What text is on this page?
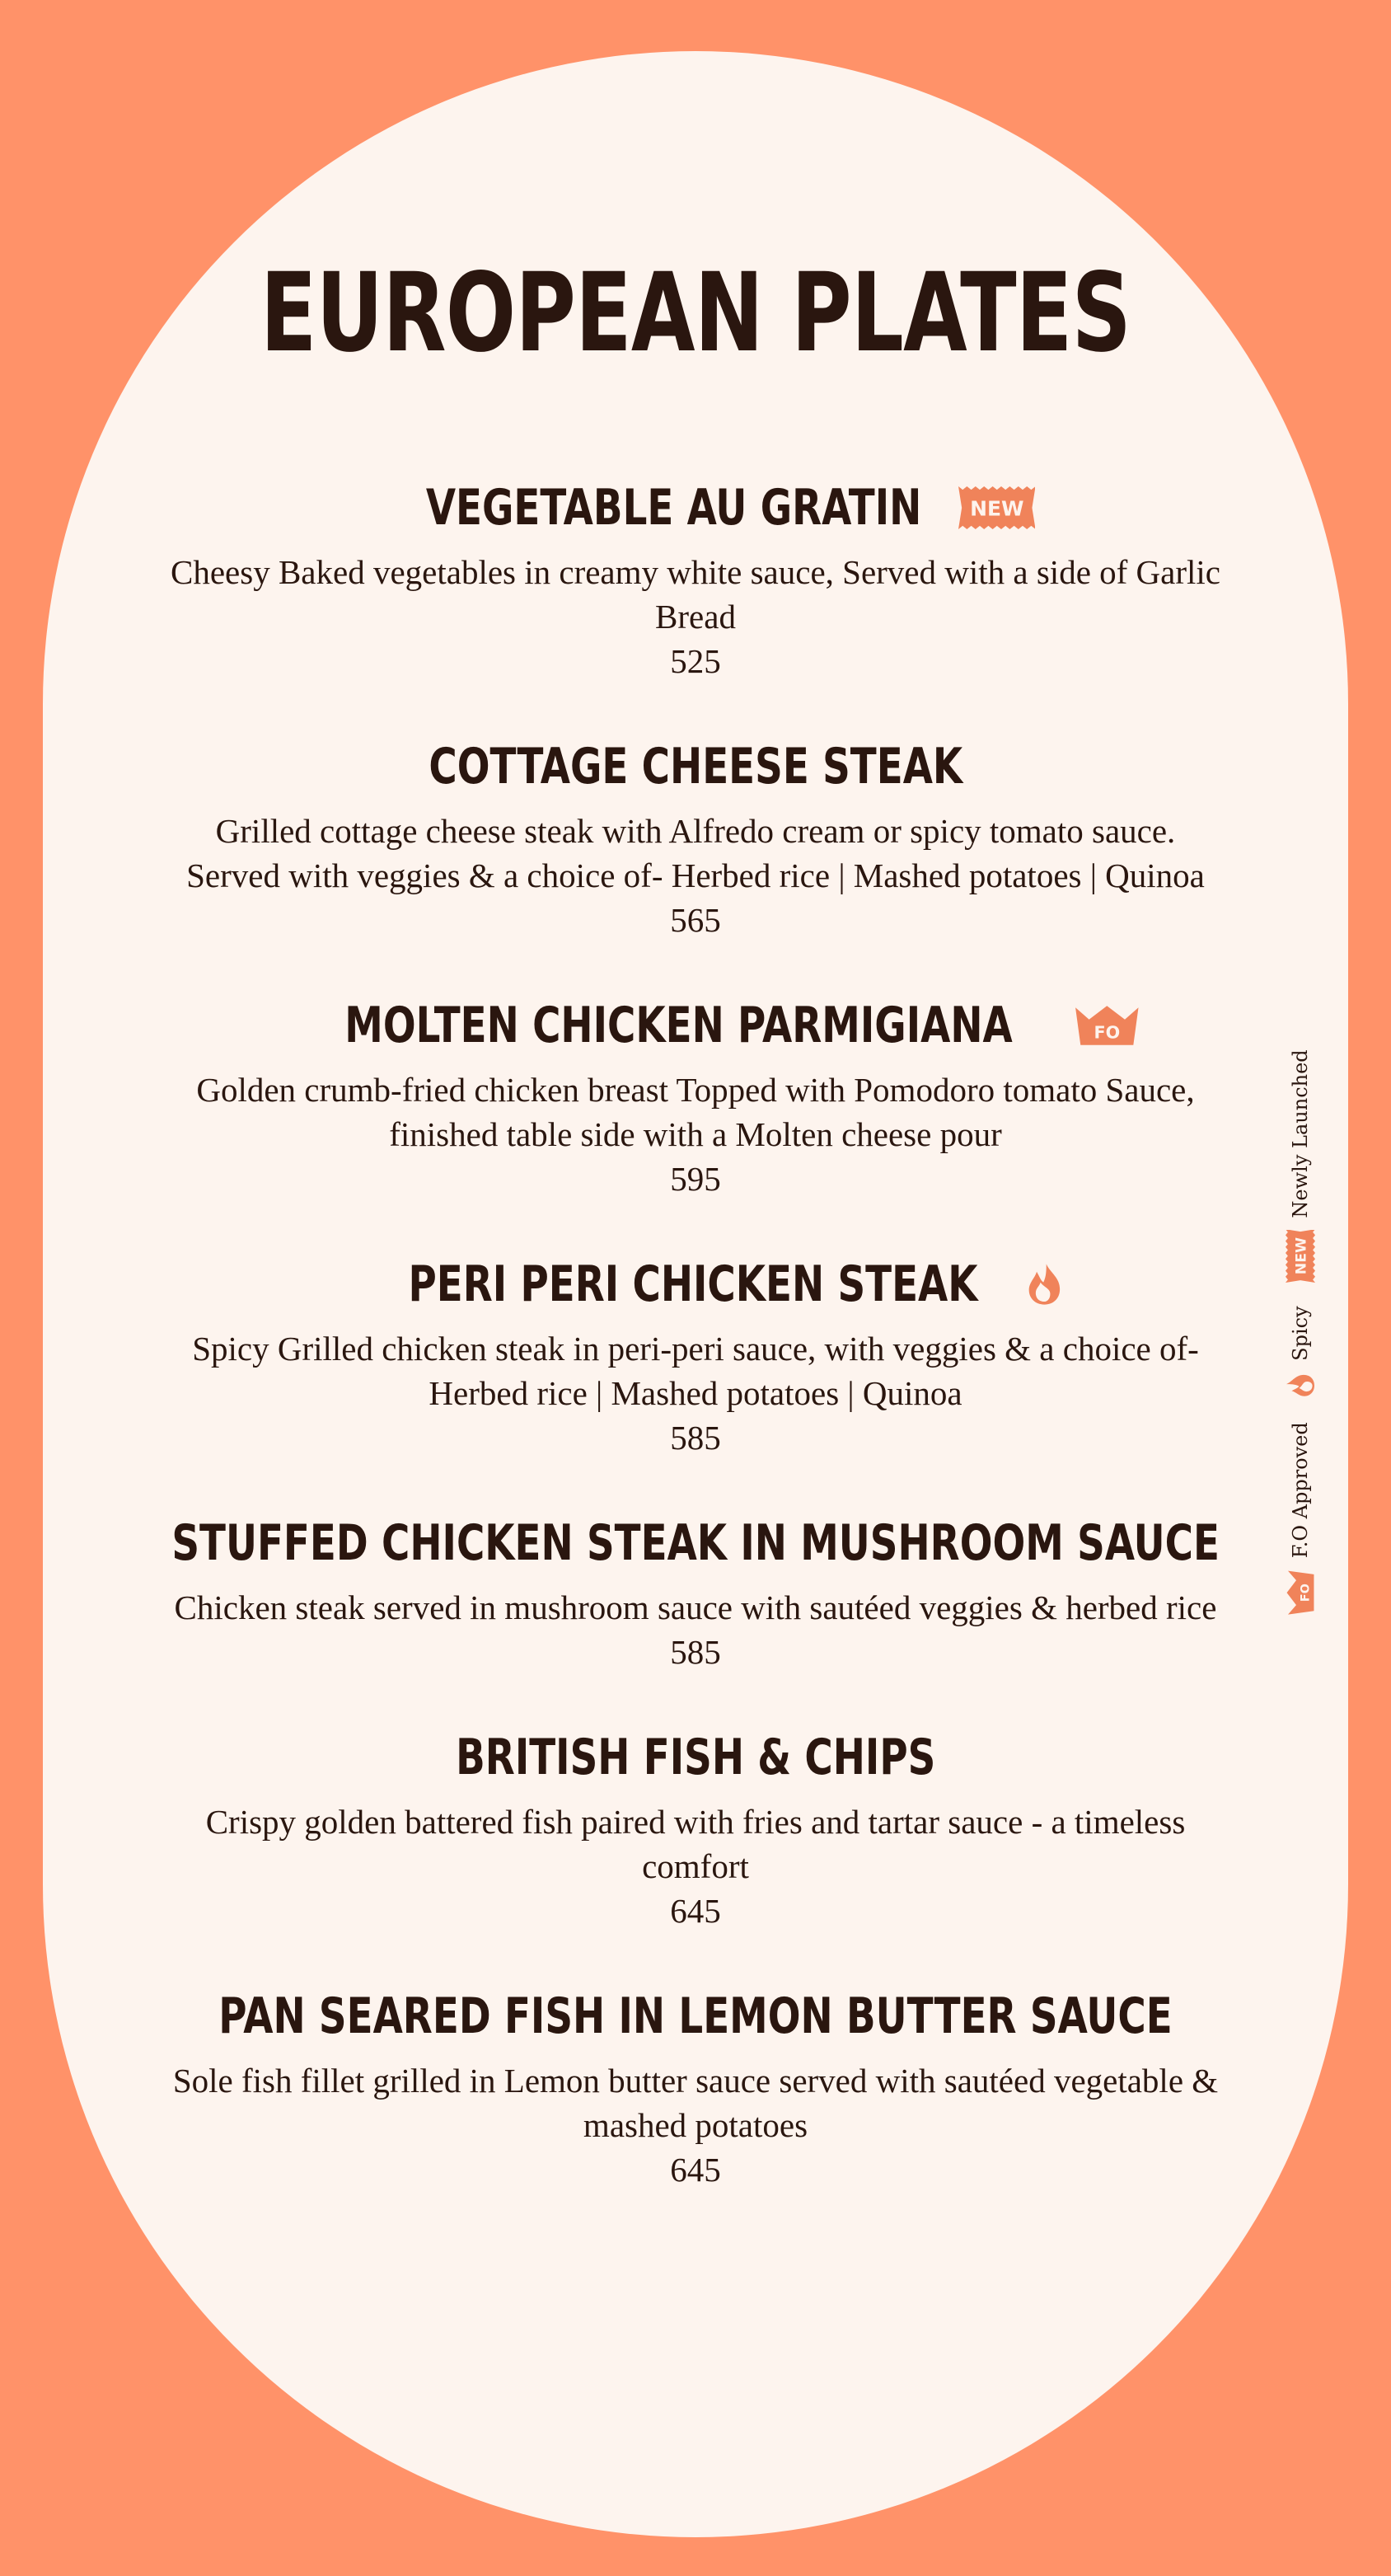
EUROPEAN PLATES
VEGETABLE AU GRATIN NEW
Cheesy Baked vegetables in creamy white sauce, Served with a side of Garlic Bread
525
COTTAGE CHEESE STEAK
Grilled cottage cheese steak with Alfredo cream or spicy tomato sauce. Served with veggies & a choice of- Herbed rice | Mashed potatoes | Quinoa
565
MOLTEN CHICKEN PARMIGIANA	FO
Golden crumb-fried chicken breast Topped with Pomodoro tomato Sauce, finished table side with a Molten cheese pour
595
PERI PERI CHICKEN STEAK
Spicy Grilled chicken steak in peri-peri sauce, with veggies & a choice of- Herbed rice | Mashed potatoes | Quinoa
585
STUFFED CHICKEN STEAK IN MUSHROOM SAUCE
Chicken steak served in mushroom sauce with sautéed veggies & herbed rice
585
BRITISH FISH & CHIPS
Crispy golden battered fish paired with fries and tartar sauce - a timeless comfort
645
PAN SEARED FISH IN LEMON BUTTER SAUCE
Sole fish fillet grilled in Lemon butter sauce served with sautéed vegetable & mashed potatoes
645
FO
F.O Approved
Spicy
NEW
Newly Launched
